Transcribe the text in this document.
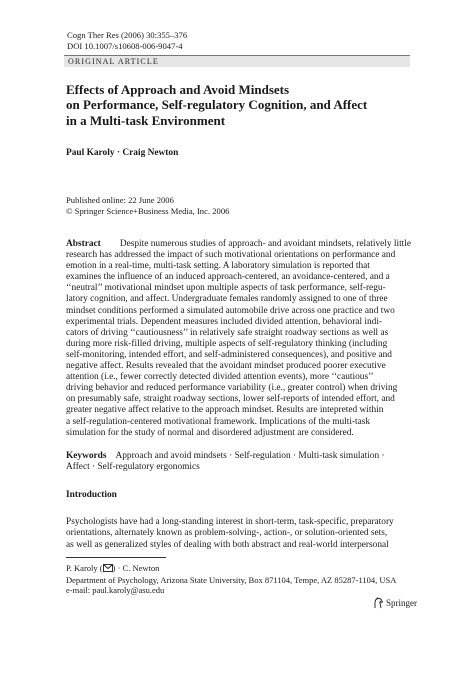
Cogn Ther Res (2006) 30:355–376
DOI 10.1007/s10608-006-9047-4
ORIGINAL ARTICLE
Effects of Approach and Avoid Mindsets
on Performance, Self-regulatory Cognition, and Affect
in a Multi-task Environment
Paul Karoly · Craig Newton
Published online: 22 June 2006
© Springer Science+Business Media, Inc. 2006
Abstract Despite numerous studies of approach- and avoidant mindsets, relatively little
research has addressed the impact of such motivational orientations on performance and
emotion in a real-time, multi-task setting. A laboratory simulation is reported that
examines the influence of an induced approach-centered, an avoidance-centered, and a
‘‘neutral’’ motivational mindset upon multiple aspects of task performance, self-regu-
latory cognition, and affect. Undergraduate females randomly assigned to one of three
mindset conditions performed a simulated automobile drive across one practice and two
experimental trials. Dependent measures included divided attention, behavioral indi-
cators of driving ‘‘cautiousness’’ in relatively safe straight roadway sections as well as
during more risk-filled driving, multiple aspects of self-regulatory thinking (including
self-monitoring, intended effort, and self-administered consequences), and positive and
negative affect. Results revealed that the avoidant mindset produced poorer executive
attention (i.e., fewer correctly detected divided attention events), more ‘‘cautious’’
driving behavior and reduced performance variability (i.e., greater control) when driving
on presumably safe, straight roadway sections, lower self-reports of intended effort, and
greater negative affect relative to the approach mindset. Results are intepreted within
a self-regulation-centered motivational framework. Implications of the multi-task
simulation for the study of normal and disordered adjustment are considered.
Keywords Approach and avoid mindsets · Self-regulation · Multi-task simulation ·
Affect · Self-regulatory ergonomics
Introduction
Psychologists have had a long-standing interest in short-term, task-specific, preparatory
orientations, alternately known as problem-solving-, action-, or solution-oriented sets,
as well as generalized styles of dealing with both abstract and real-world interpersonal
P. Karoly ( ) · C. Newton
Department of Psychology, Arizona State University, Box 871104, Tempe, AZ 85287-1104, USA
e-mail: paul.karoly@asu.edu
Springer
